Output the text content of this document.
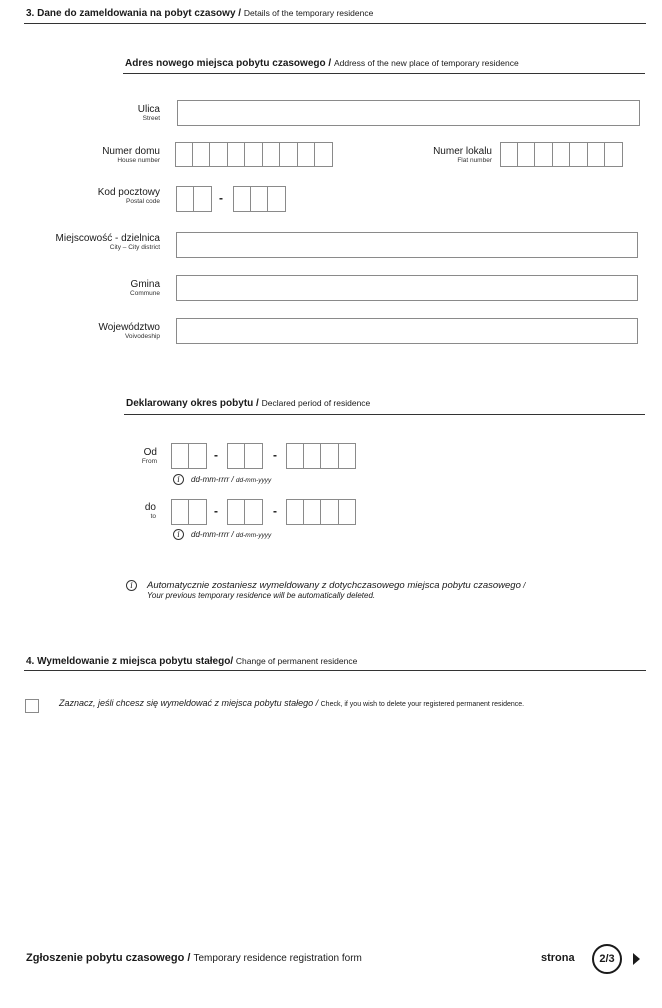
3. Dane do zameldowania na pobyt czasowy / Details of the temporary residence
Adres nowego miejsca pobytu czasowego / Address of the new place of temporary residence
Ulica
Street
Numer domu
House number
Numer lokalu
Flat number
Kod pocztowy
Postal code	-
Miejscowość - dzielnica
City – City district
Gmina
Commune
Województwo
Voivodeship
Deklarowany okres pobytu / Declared period of residence
Od
From	-	-
i	dd-mm-rrrr / dd-mm-yyyy
do
to	-	-
i	dd-mm-rrrr / dd-mm-yyyy
i	Automatycznie zostaniesz wymeldowany z dotychczasowego miejsca pobytu czasowego /
Your previous temporary residence will be automatically deleted.
4. Wymeldowanie z miejsca pobytu stałego/ Change of permanent residence
Zaznacz, jeśli chcesz się wymeldować z miejsca pobytu stałego / Check, if you wish to delete your registered permanent residence.
Zgłoszenie pobytu czasowego / Temporary residence registration form	strona	2/3
